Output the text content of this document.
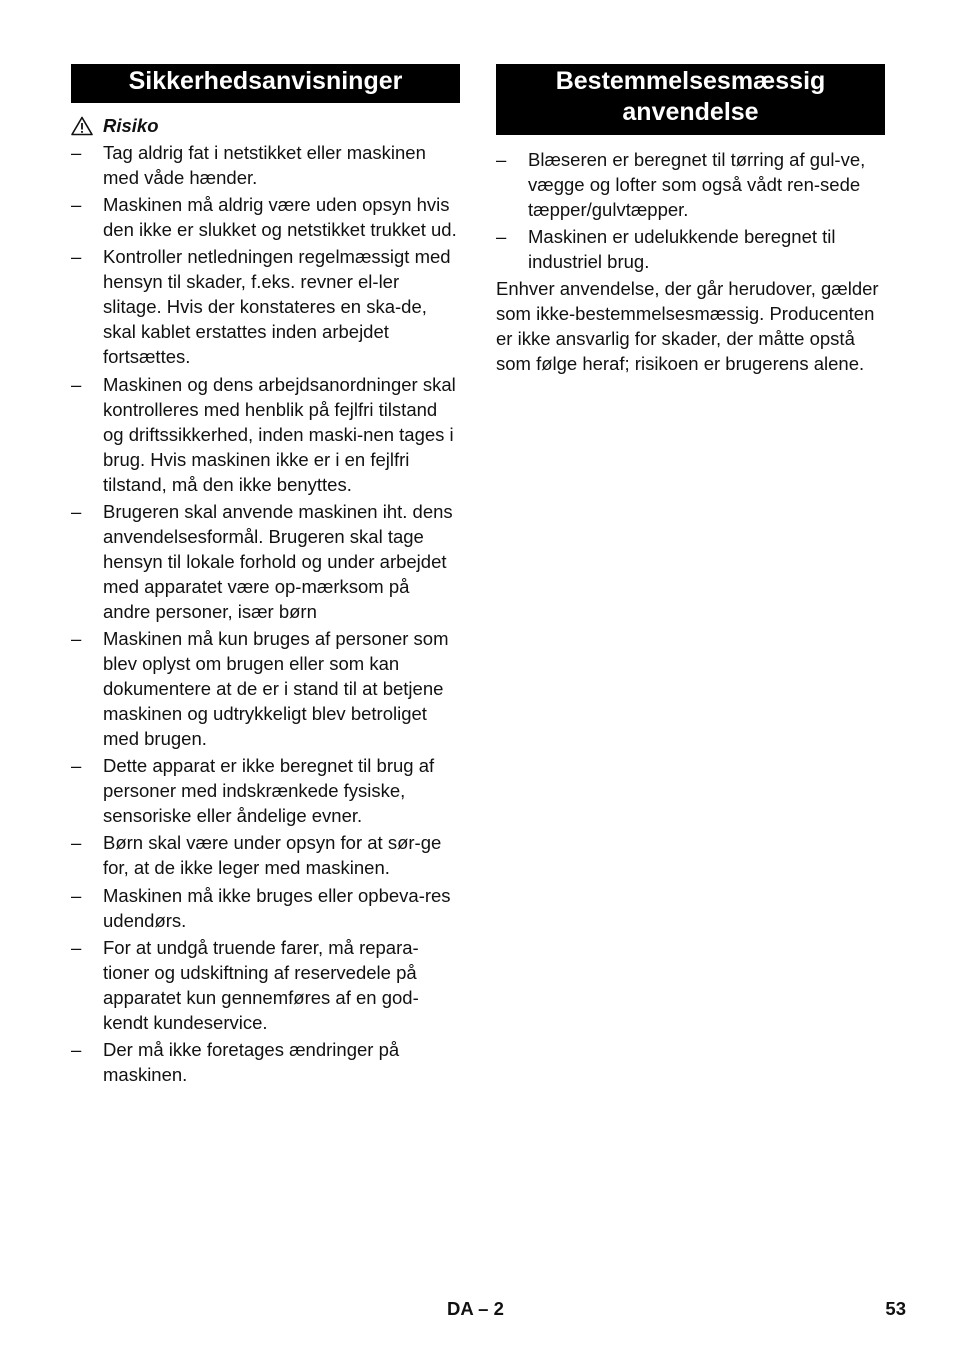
Sikkerhedsanvisninger
Risiko
–	Tag aldrig fat i netstikket eller maskinen med våde hænder.
–	Maskinen må aldrig være uden opsyn hvis den ikke er slukket og netstikket trukket ud.
–	Kontroller netledningen regelmæssigt med hensyn til skader, f.eks. revner el-ler slitage. Hvis der konstateres en ska-de, skal kablet erstattes inden arbejdet fortsættes.
–	Maskinen og dens arbejdsanordninger skal kontrolleres med henblik på fejlfri tilstand og driftssikkerhed, inden maski-nen tages i brug. Hvis maskinen ikke er i en fejlfri tilstand, må den ikke benyttes.
–	Brugeren skal anvende maskinen iht. dens anvendelsesformål. Brugeren skal tage hensyn til lokale forhold og under arbejdet med apparatet være op-mærksom på andre personer, især børn
–	Maskinen må kun bruges af personer som blev oplyst om brugen eller som kan dokumentere at de er i stand til at betjene maskinen og udtrykkeligt blev betroliget med brugen.
–	Dette apparat er ikke beregnet til brug af personer med indskrænkede fysiske, sensoriske eller åndelige evner.
–	Børn skal være under opsyn for at sør-ge for, at de ikke leger med maskinen.
–	Maskinen må ikke bruges eller opbeva-res udendørs.
–	For at undgå truende farer, må repara-tioner og udskiftning af reservedele på apparatet kun gennemføres af en god-kendt kundeservice.
–	Der må ikke foretages ændringer på maskinen.
Bestemmelsesmæssig anvendelse
–	Blæseren er beregnet til tørring af gul-ve, vægge og lofter som også vådt ren-sede tæpper/gulvtæpper.
–	Maskinen er udelukkende beregnet til industriel brug.

Enhver anvendelse, der går herudover, gælder som ikke-bestemmelsesmæssig. Producenten er ikke ansvarlig for skader, der måtte opstå som følge heraf; risikoen er brugerens alene.

DA – 2	53
